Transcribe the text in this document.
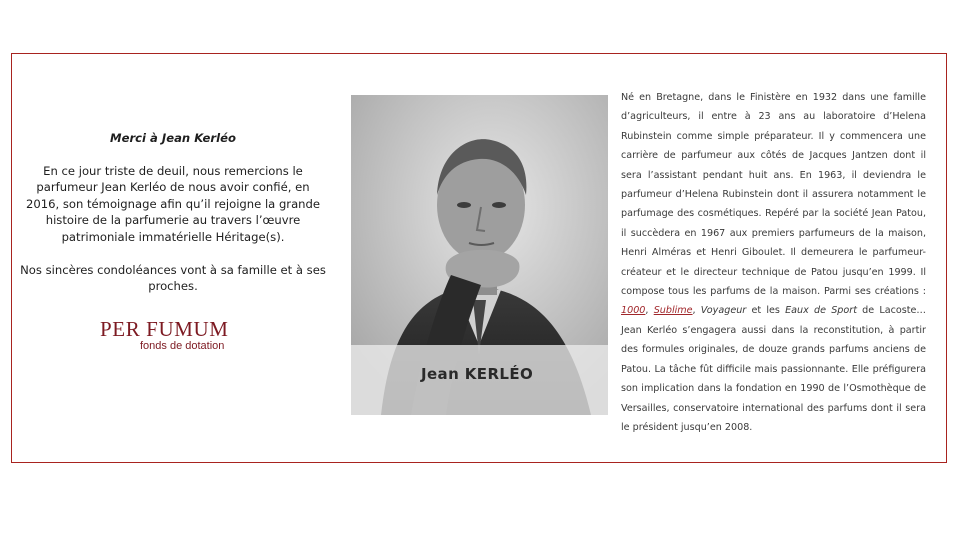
Merci à Jean Kerléo

En ce jour triste de deuil, nous remercions le parfumeur Jean Kerléo de nous avoir confié, en 2016, son témoignage afin qu’il rejoigne la grande histoire de la parfumerie au travers l’œuvre patrimoniale immatérielle Héritage(s).

Nos sincères condoléances vont à sa famille et à ses proches.

PER FUMUM
fonds de dotation
Jean KERLÉO

Né en Bretagne, dans le Finistère en 1932 dans une famille d’agriculteurs, il entre à 23 ans au laboratoire d’Helena Rubinstein comme simple préparateur. Il y commencera une carrière de parfumeur aux côtés de Jacques Jantzen dont il sera l’assistant pendant huit ans. En 1963, il deviendra le parfumeur d’Helena Rubinstein dont il assurera notamment le parfumage des cosmétiques. Repéré par la société Jean Patou, il succèdera en 1967 aux premiers parfumeurs de la maison, Henri Alméras et Henri Giboulet. Il demeurera le parfumeur-créateur et le directeur technique de Patou jusqu’en 1999. Il compose tous les parfums de la maison. Parmi ses créations : 1000, Sublime, Voyageur et les Eaux de Sport de Lacoste… Jean Kerléo s’engagera aussi dans la reconstitution, à partir des formules originales, de douze grands parfums anciens de Patou. La tâche fût difficile mais passionnante. Elle préfigurera son implication dans la fondation en 1990 de l’Osmothèque de Versailles, conservatoire international des parfums dont il sera le président jusqu’en 2008.
